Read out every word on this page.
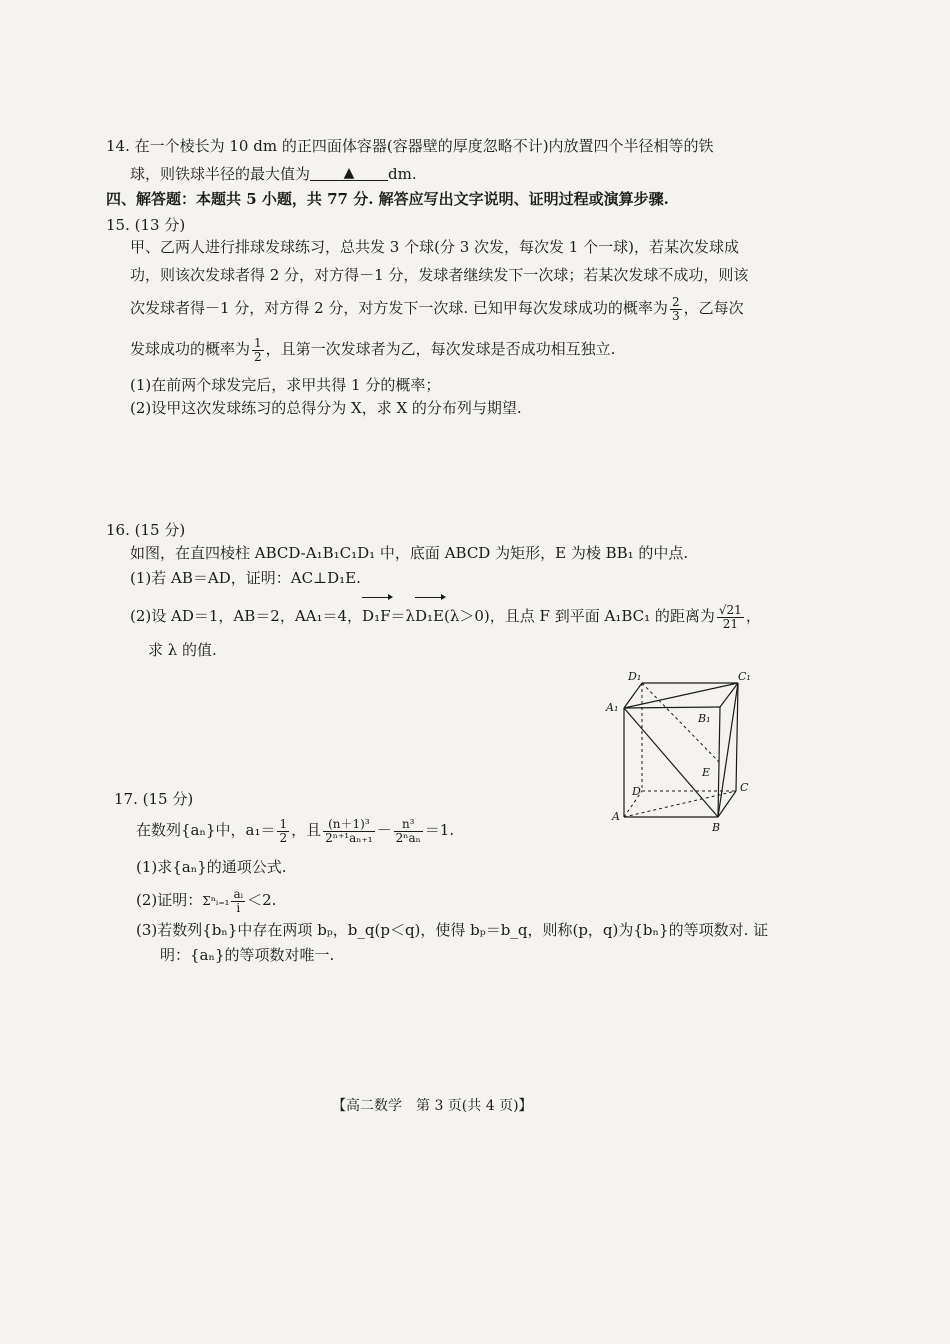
14. 在一个棱长为 10 dm 的正四面体容器(容器壁的厚度忽略不计)内放置四个半径相等的铁
球，则铁球半径的最大值为 ▲ dm.
四、解答题：本题共 5 小题，共 77 分. 解答应写出文字说明、证明过程或演算步骤.
15. (13 分)
甲、乙两人进行排球发球练习，总共发 3 个球(分 3 次发，每次发 1 个一球)，若某次发球成
功，则该次发球者得 2 分，对方得－1 分，发球者继续发下一次球；若某次发球不成功，则该
次发球者得－1 分，对方得 2 分，对方发下一次球. 已知甲每次发球成功的概率为 $\frac{2}{3}$ ，乙每次
发球成功的概率为 $\frac{1}{2}$ ，且第一次发球者为乙，每次发球是否成功相互独立.
(1)在前两个球发完后，求甲共得 1 分的概率；
(2)设甲这次发球练习的总得分为 X，求 X 的分布列与期望.
16. (15 分)
如图，在直四棱柱 ABCD-A₁B₁C₁D₁ 中，底面 ABCD 为矩形，E 为棱 BB₁ 的中点.
(1)若 AB＝AD，证明：AC⊥D₁E.
(2)设 AD＝1，AB＝2，AA₁＝4，D₁F＝λD₁E(λ＞0)，且点 F 到平面 A₁BC₁ 的距离为 $\frac{√21}{21}$ ，
求 λ 的值.
D₁	C₁
A₁
B₁
E
D	C
A
B
17. (15 分)
在数列{aₙ}中，$a_1= \frac{1}{2}$ ，且 $\frac{\text{(n＋1)³}}{\text{2ⁿ⁺¹aₙ₊₁}} - \frac{\text{n³}}{\text{2ⁿaₙ}} =1$.
(1)求{aₙ}的通项公式.
(2)证明：Σⁿᵢ₌₁ $\frac{\text{aᵢ}}{i} <2$.
(3)若数列{bₙ}中存在两项 bₚ，b_q(p＜q)，使得 bₚ＝b_q，则称(p，q)为{bₙ}的等项数对. 证
明：{aₙ}的等项数对唯一.
【高二数学　第 3 页(共 4 页)】
